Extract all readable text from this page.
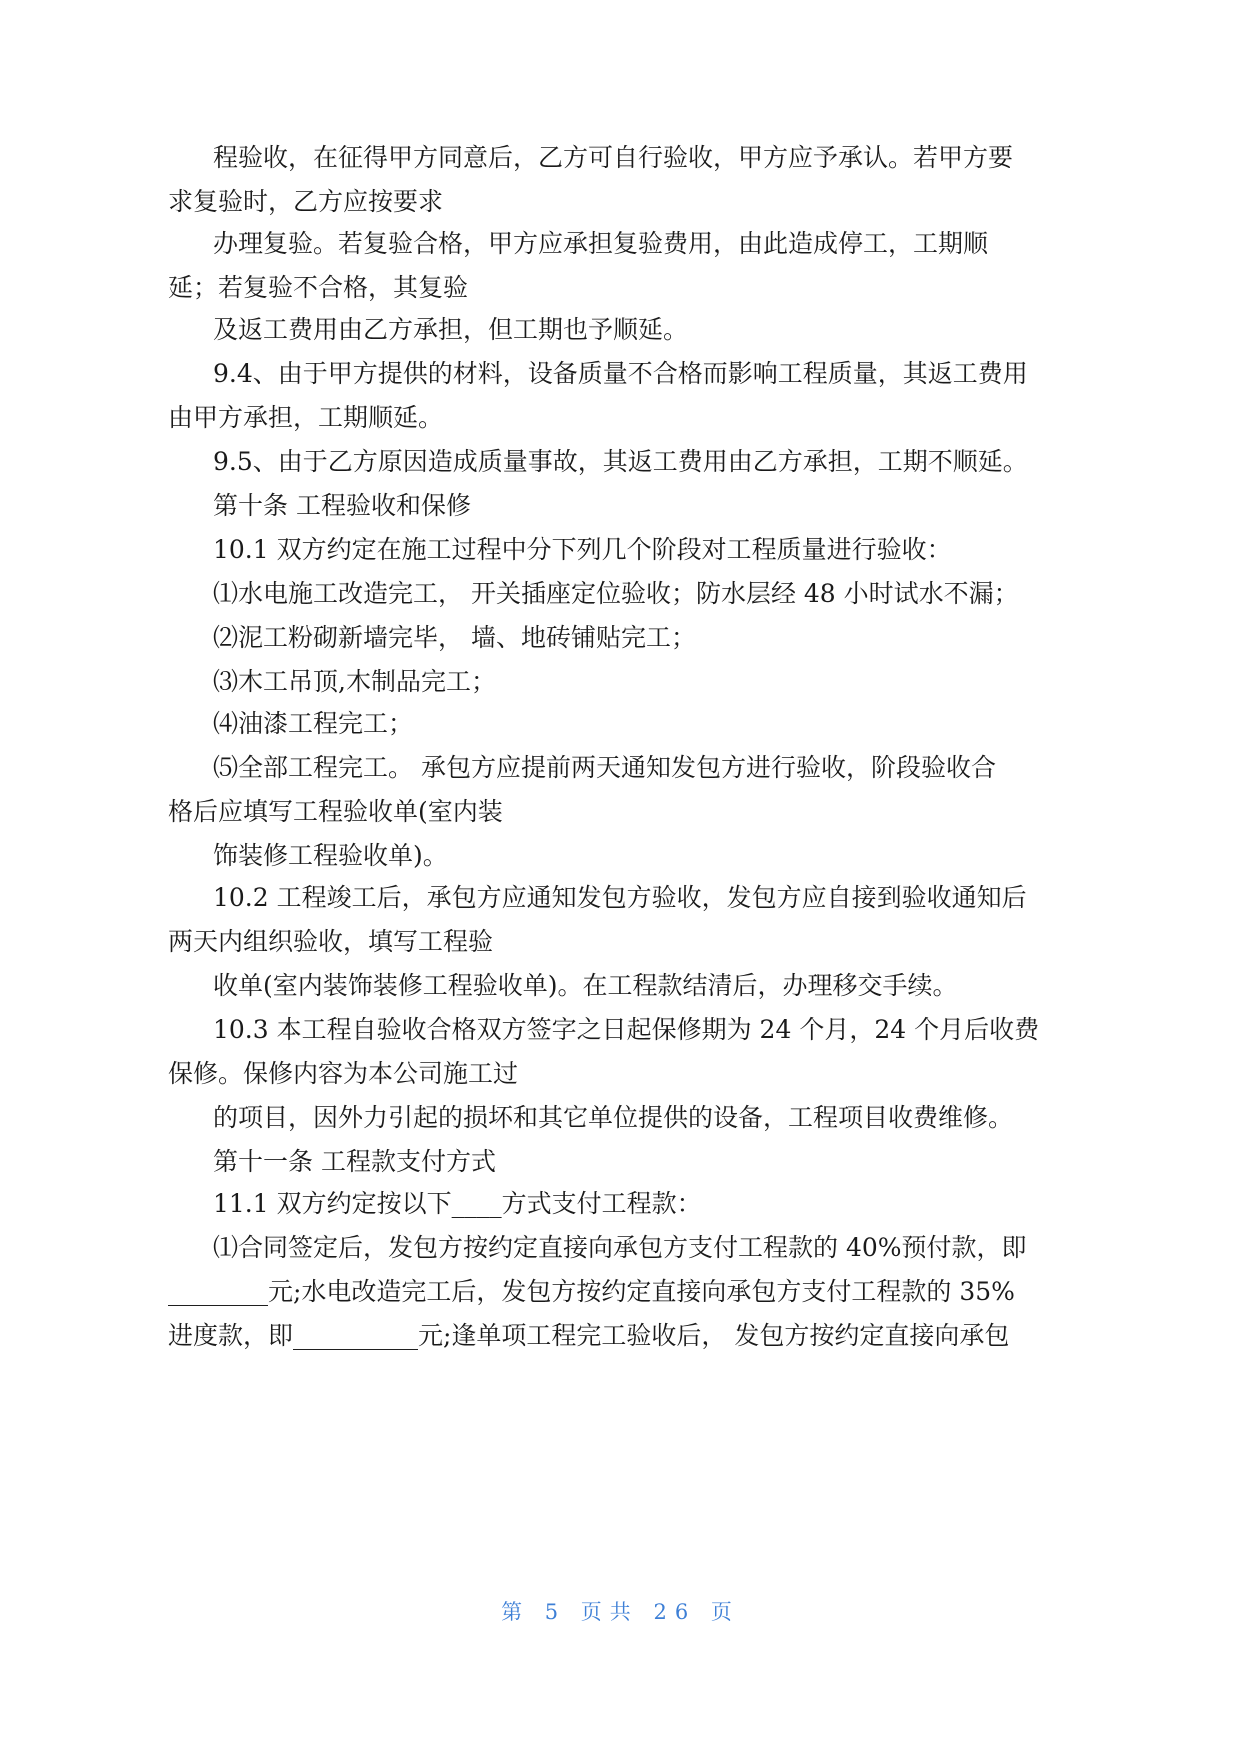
程验收，在征得甲方同意后，乙方可自行验收，甲方应予承认。若甲方要
求复验时，乙方应按要求
办理复验。若复验合格，甲方应承担复验费用，由此造成停工，工期顺
延；若复验不合格，其复验
及返工费用由乙方承担，但工期也予顺延。
9.4、由于甲方提供的材料，设备质量不合格而影响工程质量，其返工费用
由甲方承担，工期顺延。
9.5、由于乙方原因造成质量事故，其返工费用由乙方承担，工期不顺延。
第十条 工程验收和保修
10.1 双方约定在施工过程中分下列几个阶段对工程质量进行验收：
⑴水电施工改造完工， 开关插座定位验收；防水层经 48 小时试水不漏；
⑵泥工粉砌新墙完毕， 墙、地砖铺贴完工；
⑶木工吊顶,木制品完工；
⑷油漆工程完工；
⑸全部工程完工。 承包方应提前两天通知发包方进行验收，阶段验收合
格后应填写工程验收单(室内装
饰装修工程验收单)。
10.2 工程竣工后，承包方应通知发包方验收，发包方应自接到验收通知后
两天内组织验收，填写工程验
收单(室内装饰装修工程验收单)。在工程款结清后，办理移交手续。
10.3 本工程自验收合格双方签字之日起保修期为 24 个月，24 个月后收费
保修。保修内容为本公司施工过
的项目，因外力引起的损坏和其它单位提供的设备，工程项目收费维修。
第十一条 工程款支付方式
11.1 双方约定按以下____方式支付工程款：
⑴合同签定后，发包方按约定直接向承包方支付工程款的 40%预付款，即
________元;水电改造完工后，发包方按约定直接向承包方支付工程款的 35%
进度款，即__________元;逢单项工程完工验收后， 发包方按约定直接向承包
第 5 页共 26 页
